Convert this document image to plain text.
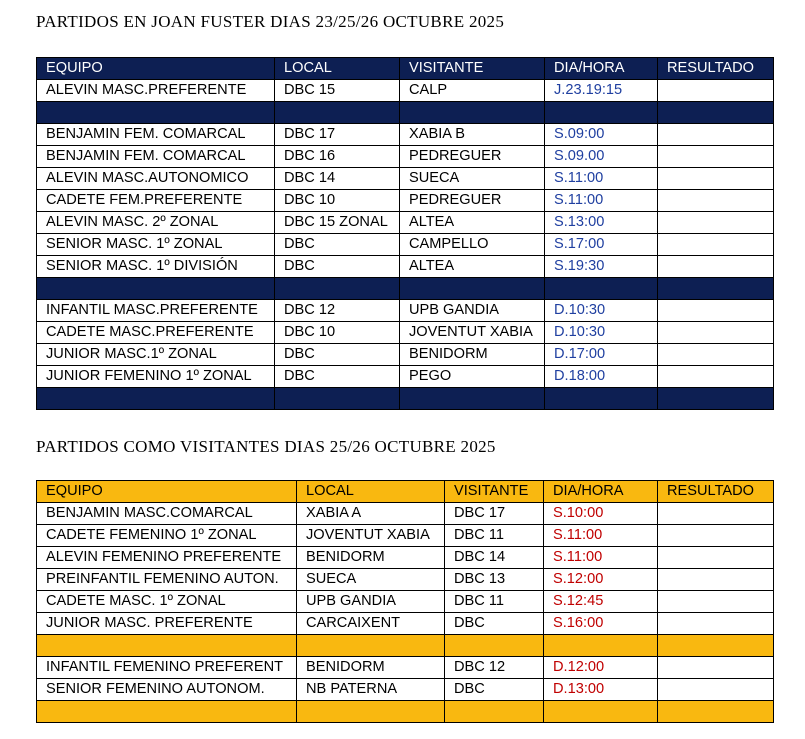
PARTIDOS EN JOAN FUSTER DIAS 23/25/26 OCTUBRE 2025
EQUIPO	LOCAL	VISITANTE	DIA/HORA	RESULTADO
ALEVIN MASC.PREFERENTE	DBC 15	CALP	J.23.19:15	

BENJAMIN FEM. COMARCAL	DBC 17	XABIA B	S.09:00	
BENJAMIN FEM. COMARCAL	DBC 16	PEDREGUER	S.09.00	
ALEVIN MASC.AUTONOMICO	DBC 14	SUECA	S.11:00	
CADETE FEM.PREFERENTE	DBC 10	PEDREGUER	S.11:00	
ALEVIN MASC. 2º ZONAL	DBC 15 ZONAL	ALTEA	S.13:00	
SENIOR MASC. 1º ZONAL	DBC	CAMPELLO	S.17:00	
SENIOR MASC. 1º DIVISIÓN	DBC	ALTEA	S.19:30	

INFANTIL MASC.PREFERENTE	DBC 12	UPB GANDIA	D.10:30	
CADETE MASC.PREFERENTE	DBC 10	JOVENTUT XABIA	D.10:30	
JUNIOR MASC.1º ZONAL	DBC	BENIDORM	D.17:00	
JUNIOR FEMENINO 1º ZONAL	DBC	PEGO	D.18:00	

PARTIDOS COMO VISITANTES DIAS 25/26 OCTUBRE 2025
EQUIPO	LOCAL	VISITANTE	DIA/HORA	RESULTADO
BENJAMIN MASC.COMARCAL	XABIA A	DBC 17	S.10:00	
CADETE FEMENINO 1º ZONAL	JOVENTUT XABIA	DBC 11	S.11:00	
ALEVIN FEMENINO PREFERENTE	BENIDORM	DBC 14	S.11:00	
PREINFANTIL FEMENINO AUTON.	SUECA	DBC 13	S.12:00	
CADETE MASC. 1º ZONAL	UPB GANDIA	DBC 11	S.12:45	
JUNIOR MASC. PREFERENTE	CARCAIXENT	DBC	S.16:00	

INFANTIL FEMENINO PREFERENT	BENIDORM	DBC 12	D.12:00	
SENIOR FEMENINO AUTONOM.	NB PATERNA	DBC	D.13:00	
